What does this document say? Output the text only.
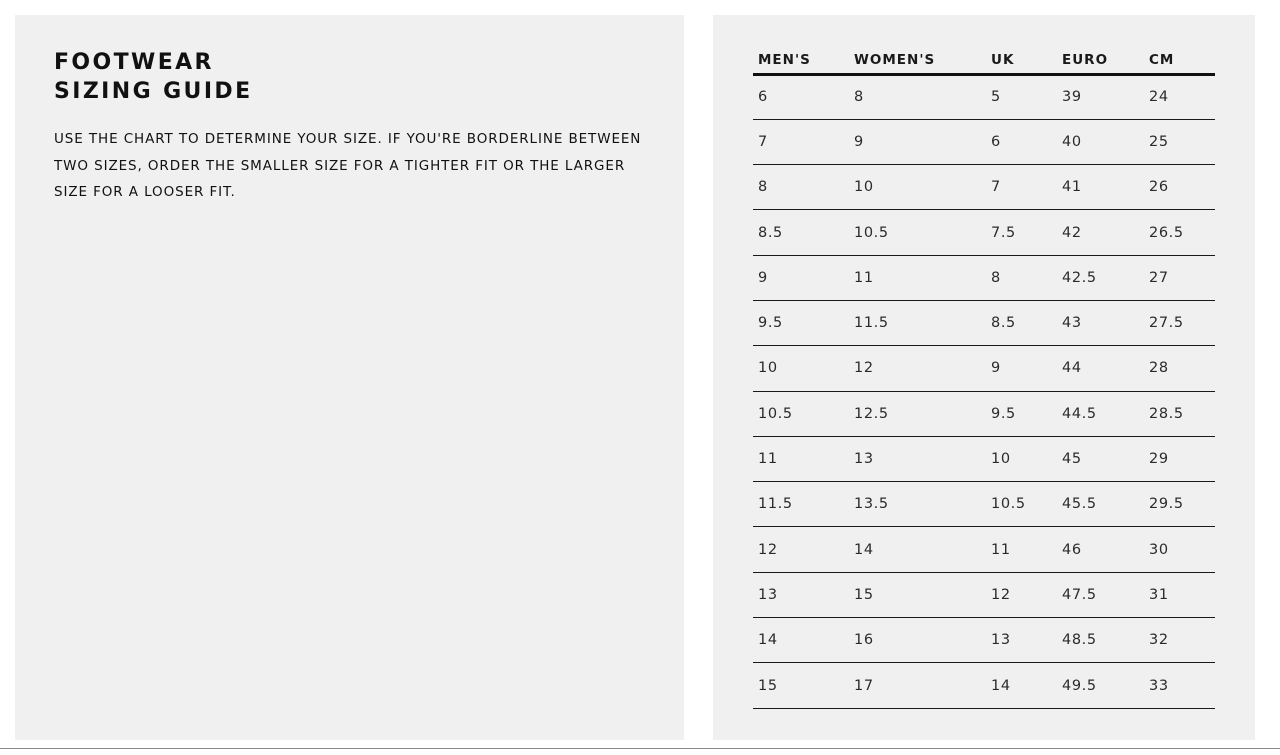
FOOTWEAR SIZING GUIDE

USE THE CHART TO DETERMINE YOUR SIZE. IF YOU'RE BORDERLINE BETWEEN TWO SIZES, ORDER THE SMALLER SIZE FOR A TIGHTER FIT OR THE LARGER SIZE FOR A LOOSER FIT.

MEN'S	WOMEN'S	UK	EURO	CM
6	8	5	39	24
7	9	6	40	25
8	10	7	41	26
8.5	10.5	7.5	42	26.5
9	11	8	42.5	27
9.5	11.5	8.5	43	27.5
10	12	9	44	28
10.5	12.5	9.5	44.5	28.5
11	13	10	45	29
11.5	13.5	10.5	45.5	29.5
12	14	11	46	30
13	15	12	47.5	31
14	16	13	48.5	32
15	17	14	49.5	33
